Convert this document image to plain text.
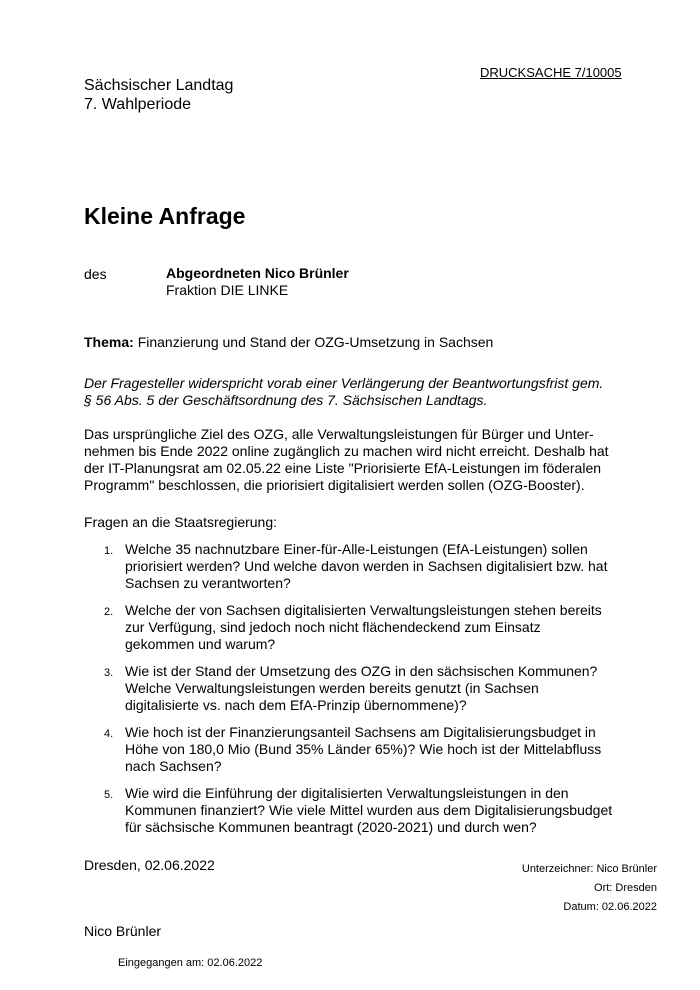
DRUCKSACHE 7/10005
Sächsischer Landtag
7. Wahlperiode
Kleine Anfrage
des	Abgeordneten Nico Brünler
Fraktion DIE LINKE
Thema: Finanzierung und Stand der OZG-Umsetzung in Sachsen
Der Fragesteller widerspricht vorab einer Verlängerung der Beantwortungsfrist gem.
§ 56 Abs. 5 der Geschäftsordnung des 7. Sächsischen Landtags.
Das ursprüngliche Ziel des OZG, alle Verwaltungsleistungen für Bürger und Unter-
nehmen bis Ende 2022 online zugänglich zu machen wird nicht erreicht. Deshalb hat
der IT-Planungsrat am 02.05.22 eine Liste "Priorisierte EfA-Leistungen im föderalen
Programm" beschlossen, die priorisiert digitalisiert werden sollen (OZG-Booster).
Fragen an die Staatsregierung:
1. Welche 35 nachnutzbare Einer-für-Alle-Leistungen (EfA-Leistungen) sollen
priorisiert werden? Und welche davon werden in Sachsen digitalisiert bzw. hat
Sachsen zu verantworten?
2. Welche der von Sachsen digitalisierten Verwaltungsleistungen stehen bereits
zur Verfügung, sind jedoch noch nicht flächendeckend zum Einsatz
gekommen und warum?
3. Wie ist der Stand der Umsetzung des OZG in den sächsischen Kommunen?
Welche Verwaltungsleistungen werden bereits genutzt (in Sachsen
digitalisierte vs. nach dem EfA-Prinzip übernommene)?
4. Wie hoch ist der Finanzierungsanteil Sachsens am Digitalisierungsbudget in
Höhe von 180,0 Mio (Bund 35% Länder 65%)? Wie hoch ist der Mittelabfluss
nach Sachsen?
5. Wie wird die Einführung der digitalisierten Verwaltungsleistungen in den
Kommunen finanziert? Wie viele Mittel wurden aus dem Digitalisierungsbudget
für sächsische Kommunen beantragt (2020-2021) und durch wen?
Dresden, 02.06.2022	Unterzeichner: Nico Brünler
Ort: Dresden
Datum: 02.06.2022
Nico Brünler
Eingegangen am: 02.06.2022
